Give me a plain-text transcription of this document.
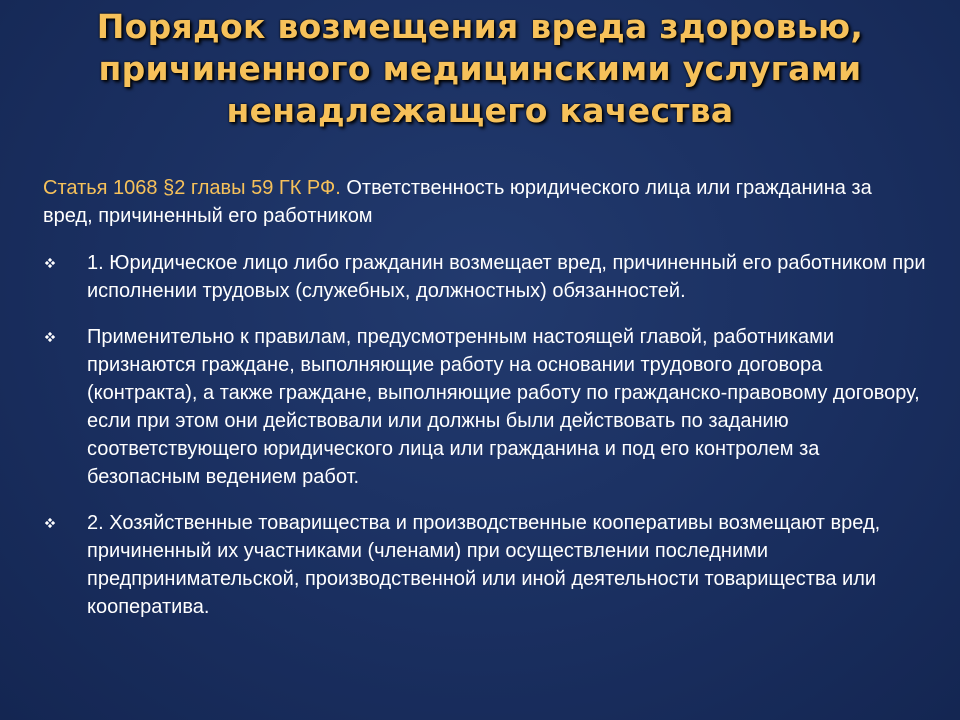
Порядок возмещения вреда здоровью,
причиненного медицинскими услугами
ненадлежащего качества

Статья 1068 §2 главы 59 ГК РФ. Ответственность юридического лица или гражданина за вред, причиненный его работником

1. Юридическое лицо либо гражданин возмещает вред, причиненный его работником при исполнении трудовых (служебных, должностных) обязанностей.
Применительно к правилам, предусмотренным настоящей главой, работниками признаются граждане, выполняющие работу на основании трудового договора (контракта), а также граждане, выполняющие работу по гражданско-правовому договору, если при этом они действовали или должны были действовать по заданию соответствующего юридического лица или гражданина и под его контролем за безопасным ведением работ.
2. Хозяйственные товарищества и производственные кооперативы возмещают вред, причиненный их участниками (членами) при осуществлении последними предпринимательской, производственной или иной деятельности товарищества или кооператива.
